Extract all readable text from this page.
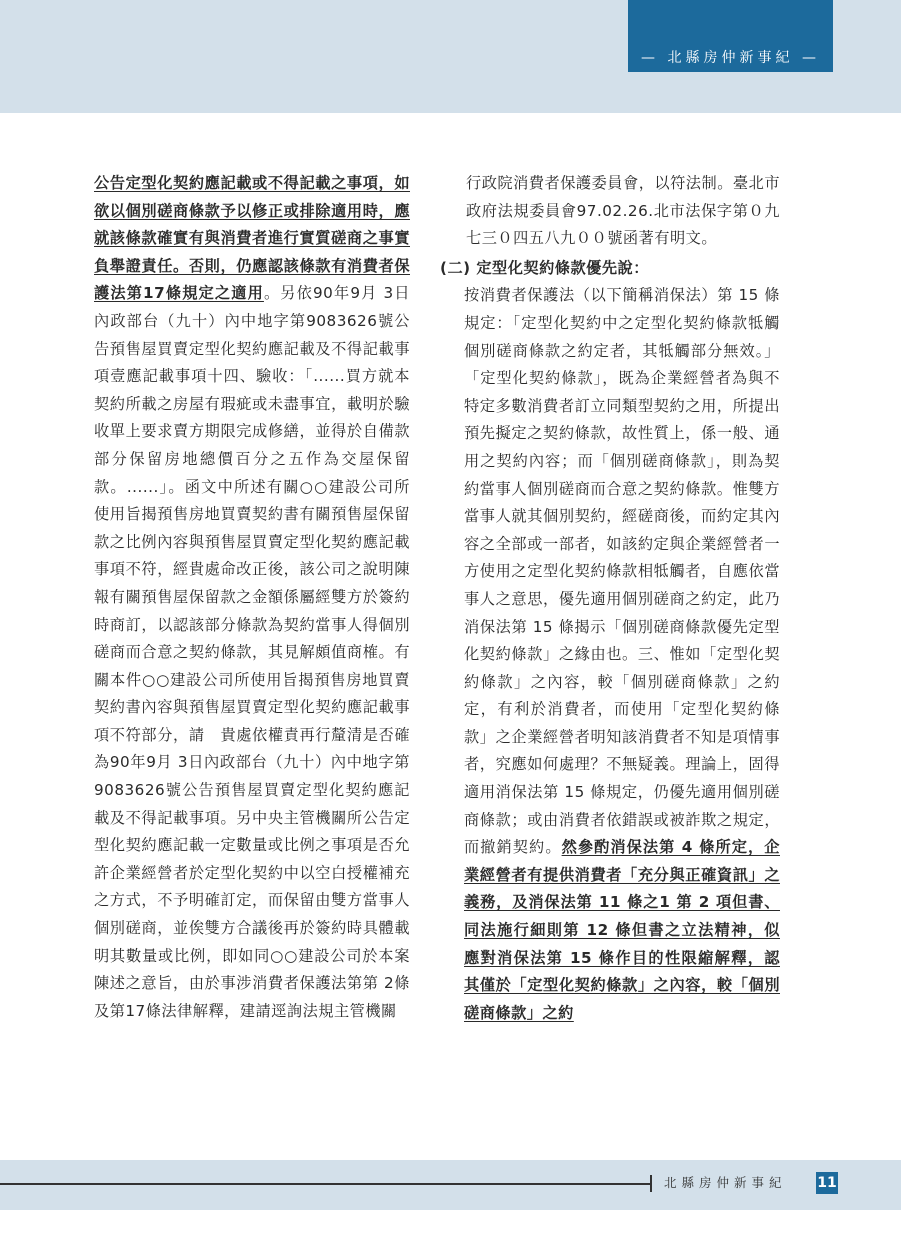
— 北縣房仲新事紀 —

公告定型化契約應記載或不得記載之事項，如欲以個別磋商條款予以修正或排除適用時，應就該條款確實有與消費者進行實質磋商之事實負舉證責任。否則，仍應認該條款有消費者保護法第17條規定之適用。另依90年9月 3日內政部台（九十）內中地字第9083626號公告預售屋買賣定型化契約應記載及不得記載事項壹應記載事項十四、驗收：「......買方就本契約所載之房屋有瑕疵或未盡事宜，載明於驗收單上要求賣方期限完成修繕，並得於自備款部分保留房地總價百分之五作為交屋保留款。......」。函文中所述有關○○建設公司所使用旨揭預售房地買賣契約書有關預售屋保留款之比例內容與預售屋買賣定型化契約應記載事項不符，經貴處命改正後，該公司之說明陳報有關預售屋保留款之金額係屬經雙方於簽約時商訂，以認該部分條款為契約當事人得個別磋商而合意之契約條款，其見解頗值商榷。有關本件○○建設公司所使用旨揭預售房地買賣契約書內容與預售屋買賣定型化契約應記載事項不符部分，請　貴處依權責再行釐清是否確為90年9月 3日內政部台（九十）內中地字第9083626號公告預售屋買賣定型化契約應記載及不得記載事項。另中央主管機關所公告定型化契約應記載一定數量或比例之事項是否允許企業經營者於定型化契約中以空白授權補充之方式，不予明確訂定，而保留由雙方當事人個別磋商，並俟雙方合議後再於簽約時具體載明其數量或比例，即如同○○建設公司於本案陳述之意旨，由於事涉消費者保護法第第 2條及第17條法律解釋，建請逕詢法規主管機關

行政院消費者保護委員會，以符法制。臺北市政府法規委員會97.02.26.北市法保字第０九七三０四五八九００號函著有明文。

(二) 定型化契約條款優先說：

按消費者保護法（以下簡稱消保法）第 15 條規定：「定型化契約中之定型化契約條款牴觸個別磋商條款之約定者，其牴觸部分無效。」「定型化契約條款」，既為企業經營者為與不特定多數消費者訂立同類型契約之用，所提出預先擬定之契約條款，故性質上，係一般、通用之契約內容；而「個別磋商條款」，則為契約當事人個別磋商而合意之契約條款。惟雙方當事人就其個別契約，經磋商後，而約定其內容之全部或一部者，如該約定與企業經營者一方使用之定型化契約條款相牴觸者，自應依當事人之意思，優先適用個別磋商之約定，此乃消保法第 15 條揭示「個別磋商條款優先定型化契約條款」之緣由也。三、惟如「定型化契約條款」之內容，較「個別磋商條款」之約定，有利於消費者，而使用「定型化契約條款」之企業經營者明知該消費者不知是項情事者，究應如何處理？不無疑義。理論上，固得適用消保法第 15 條規定，仍優先適用個別磋商條款；或由消費者依錯誤或被詐欺之規定，而撤銷契約。然參酌消保法第 4 條所定，企業經營者有提供消費者「充分與正確資訊」之義務，及消保法第 11 條之1 第 2 項但書、同法施行細則第 12 條但書之立法精神，似應對消保法第 15 條作目的性限縮解釋，認其僅於「定型化契約條款」之內容，較「個別磋商條款」之約

北縣房仲新事紀 11
